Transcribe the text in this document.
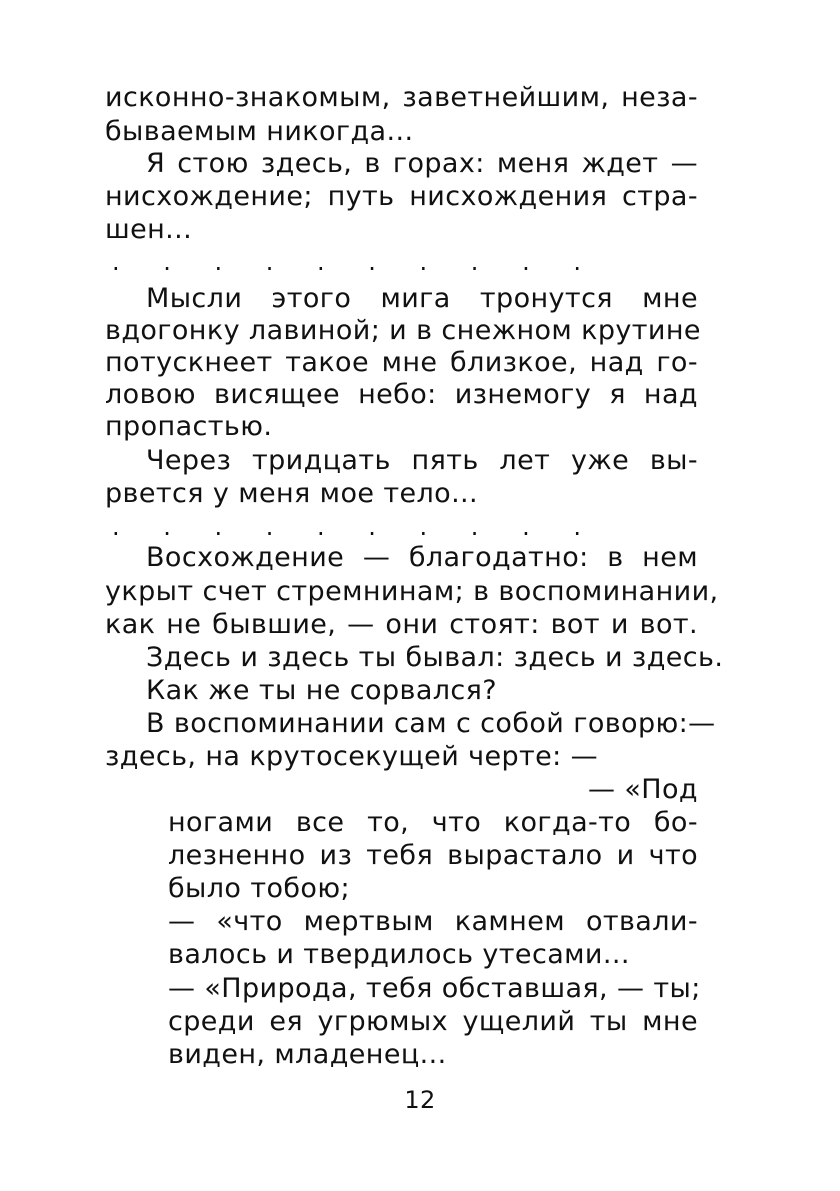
исконно-знакомым, заветнейшим, неза-
бываемым никогда...
Я стою здесь, в горах: меня ждет —
нисхождение; путь нисхождения стра-
шен...
. . . . . . . . . .
Мысли этого мига тронутся мне
вдогонку лавиной; и в снежном крутине
потускнеет такое мне близкое, над го-
ловою висящее небо: изнемогу я над
пропастью.
Через тридцать пять лет уже вы-
рвется у меня мое тело...
. . . . . . . . . .
Восхождение — благодатно: в нем
укрыт счет стремнинам; в воспоминании,
как не бывшие, — они стоят: вот и вот.
Здесь и здесь ты бывал: здесь и здесь.
Как же ты не сорвался?
В воспоминании сам с собой говорю:—
здесь, на крутосекущей черте: —
— «Под
ногами все то, что когда-то бо-
лезненно из тебя вырастало и что
было тобою;
— «что мертвым камнем отвали-
валось и твердилось утесами...
— «Природа, тебя обставшая, — ты;
среди ея угрюмых ущелий ты мне
виден, младенец...
12
